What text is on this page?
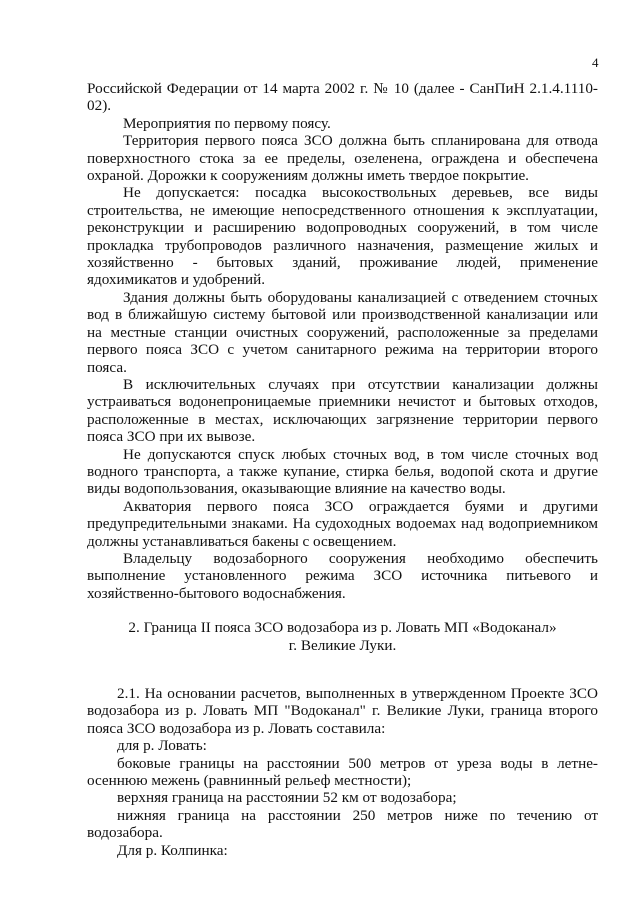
4

Российской Федерации от 14 марта 2002 г. № 10 (далее - СанПиН 2.1.4.1110-02).

Мероприятия по первому поясу.

Территория первого пояса ЗСО должна быть спланирована для отвода поверхностного стока за ее пределы, озеленена, ограждена и обеспечена охраной. Дорожки к сооружениям должны иметь твердое покрытие.

Не допускается: посадка высокоствольных деревьев, все виды строительства, не имеющие непосредственного отношения к эксплуатации, реконструкции и расширению водопроводных сооружений, в том числе прокладка трубопроводов различного назначения, размещение жилых и хозяйственно - бытовых зданий, проживание людей, применение ядохимикатов и удобрений.

Здания должны быть оборудованы канализацией с отведением сточных вод в ближайшую систему бытовой или производственной канализации или на местные станции очистных сооружений, расположенные за пределами первого пояса ЗСО с учетом санитарного режима на территории второго пояса.

В исключительных случаях при отсутствии канализации должны устраиваться водонепроницаемые приемники нечистот и бытовых отходов, расположенные в местах, исключающих загрязнение территории первого пояса ЗСО при их вывозе.

Не допускаются спуск любых сточных вод, в том числе сточных вод водного транспорта, а также купание, стирка белья, водопой скота и другие виды водопользования, оказывающие влияние на качество воды.

Акватория первого пояса ЗСО ограждается буями и другими предупредительными знаками. На судоходных водоемах над водоприемником должны устанавливаться бакены с освещением.

Владельцу водозаборного сооружения необходимо обеспечить выполнение установленного режима ЗСО источника питьевого и хозяйственно-бытового водоснабжения.

2. Граница II пояса ЗСО водозабора из р. Ловать МП «Водоканал»
г. Великие Луки.

2.1. На основании расчетов, выполненных в утвержденном Проекте ЗСО водозабора из р. Ловать МП "Водоканал" г. Великие Луки, граница второго пояса ЗСО водозабора из р. Ловать составила:

для р. Ловать:

боковые границы на расстоянии 500 метров от уреза воды в летне-осеннюю межень (равнинный рельеф местности);

верхняя граница на расстоянии 52 км от водозабора;

нижняя граница на расстоянии 250 метров ниже по течению от водозабора.

Для р. Колпинка:
